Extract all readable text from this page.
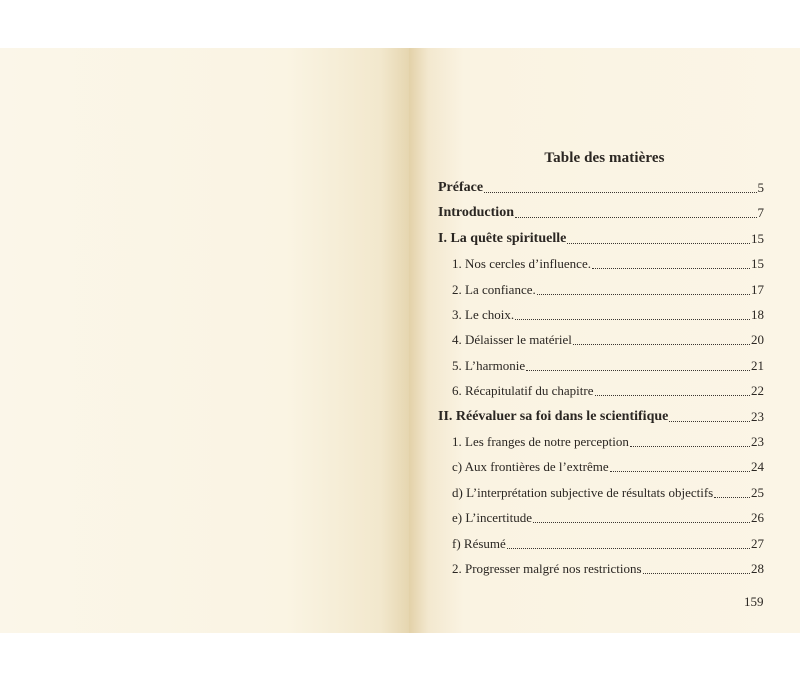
Table des matières
Préface	5
Introduction	7
I. La quête spirituelle	15
1. Nos cercles d’influence.	15
2. La confiance.	17
3. Le choix.	18
4. Délaisser le matériel	20
5. L’harmonie	21
6. Récapitulatif du chapitre	22
II. Réévaluer sa foi dans le scientifique	23
1. Les franges de notre perception	23
c) Aux frontières de l’extrême	24
d) L’interprétation subjective de résultats objectifs	25
e) L’incertitude	26
f) Résumé	27
2. Progresser malgré nos restrictions	28
159
